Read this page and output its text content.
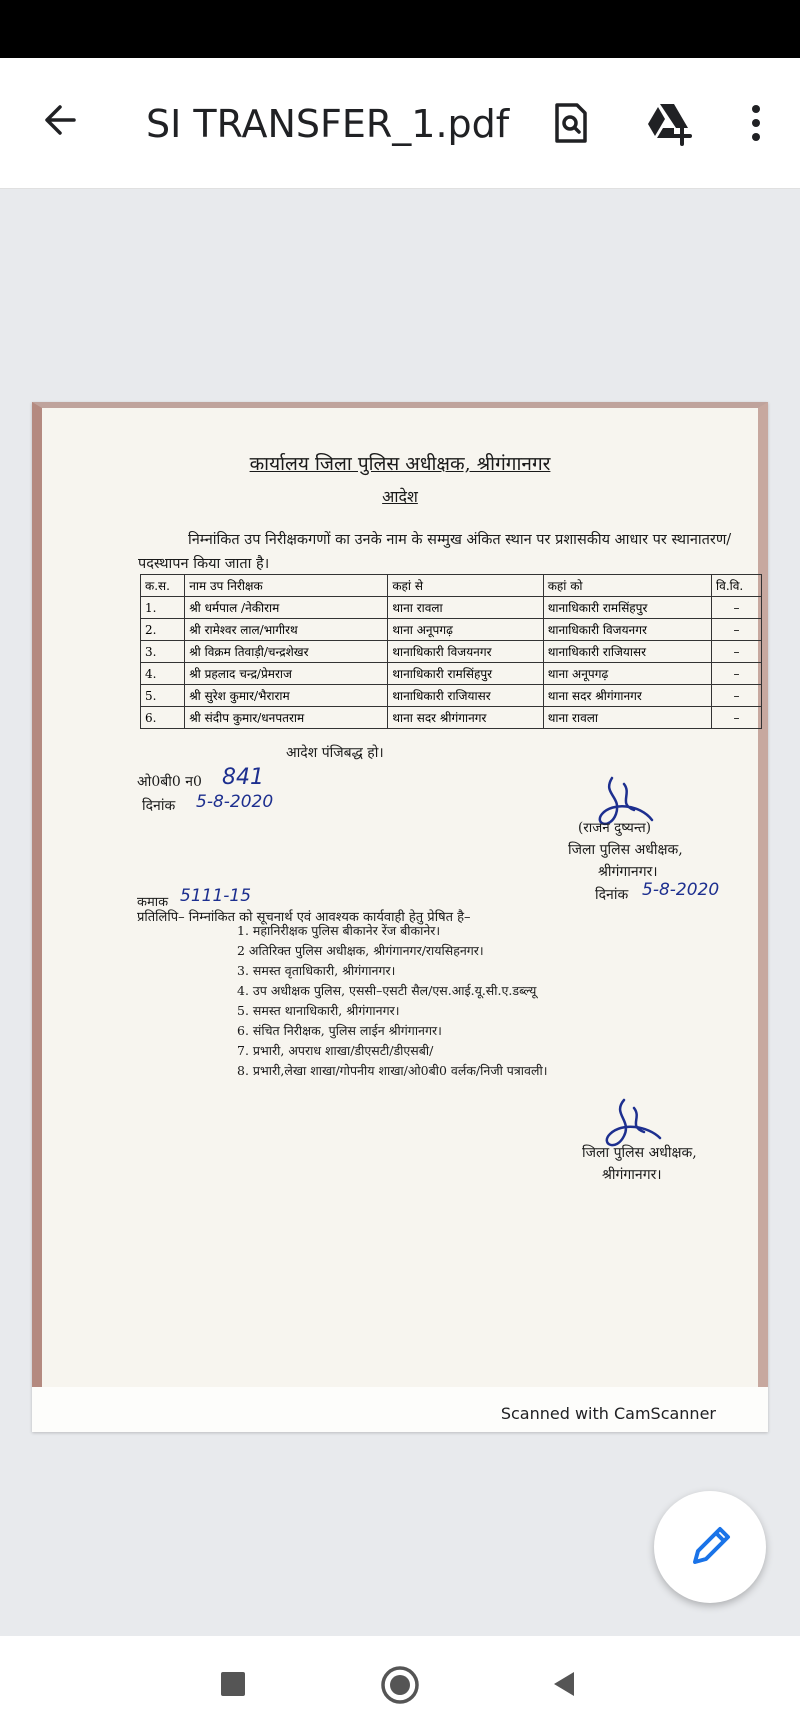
SI TRANSFER_1.pdf
कार्यालय जिला पुलिस अधीक्षक, श्रीगंगानगर
आदेश
निम्नांकित उप निरीक्षकगणों का उनके नाम के सम्मुख अंकित स्थान पर प्रशासकीय आधार पर स्थानातरण/पदस्थापन किया जाता है।
क.स.	नाम उप निरीक्षक	कहां से	कहां को	वि.वि.
1.	श्री धर्मपाल /नेकीराम	थाना रावला	थानाधिकारी रामसिंहपुर	–
2.	श्री रामेश्वर लाल/भागीरथ	थाना अनूपगढ़	थानाधिकारी विजयनगर	–
3.	श्री विक्रम तिवाड़ी/चन्द्रशेखर	थानाधिकारी विजयनगर	थानाधिकारी राजियासर	–
4.	श्री प्रहलाद चन्द्र/प्रेमराज	थानाधिकारी रामसिंहपुर	थाना अनूपगढ़	–
5.	श्री सुरेश कुमार/भैराराम	थानाधिकारी राजियासर	थाना सदर श्रीगंगानगर	–
6.	श्री संदीप कुमार/धनपतराम	थाना सदर श्रीगंगानगर	थाना रावला	–
आदेश पंजिबद्ध हो।
ओ0बी0 न0 841
दिनांक 5-8-2020
(राजन दुष्यन्त)
जिला पुलिस अधीक्षक,
श्रीगंगानगर।
कमाक 5111-15	दिनांक 5-8-2020
प्रतिलिपि– निम्नांकित को सूचनार्थ एवं आवश्यक कार्यवाही हेतु प्रेषित है–
1. महानिरीक्षक पुलिस बीकानेर रेंज बीकानेर।
2 अतिरिक्त पुलिस अधीक्षक, श्रीगंगानगर/रायसिहनगर।
3. समस्त वृताधिकारी, श्रीगंगानगर।
4. उप अधीक्षक पुलिस, एससी–एसटी सैल/एस.आई.यू.सी.ए.डब्ल्यू
5. समस्त थानाधिकारी, श्रीगंगानगर।
6. संचित निरीक्षक, पुलिस लाईन श्रीगंगानगर।
7. प्रभारी, अपराध शाखा/डीएसटी/डीएसबी/
8. प्रभारी,लेखा शाखा/गोपनीय शाखा/ओ0बी0 वर्लक/निजी पत्रावली।
जिला पुलिस अधीक्षक,
श्रीगंगानगर।
Scanned with CamScanner
